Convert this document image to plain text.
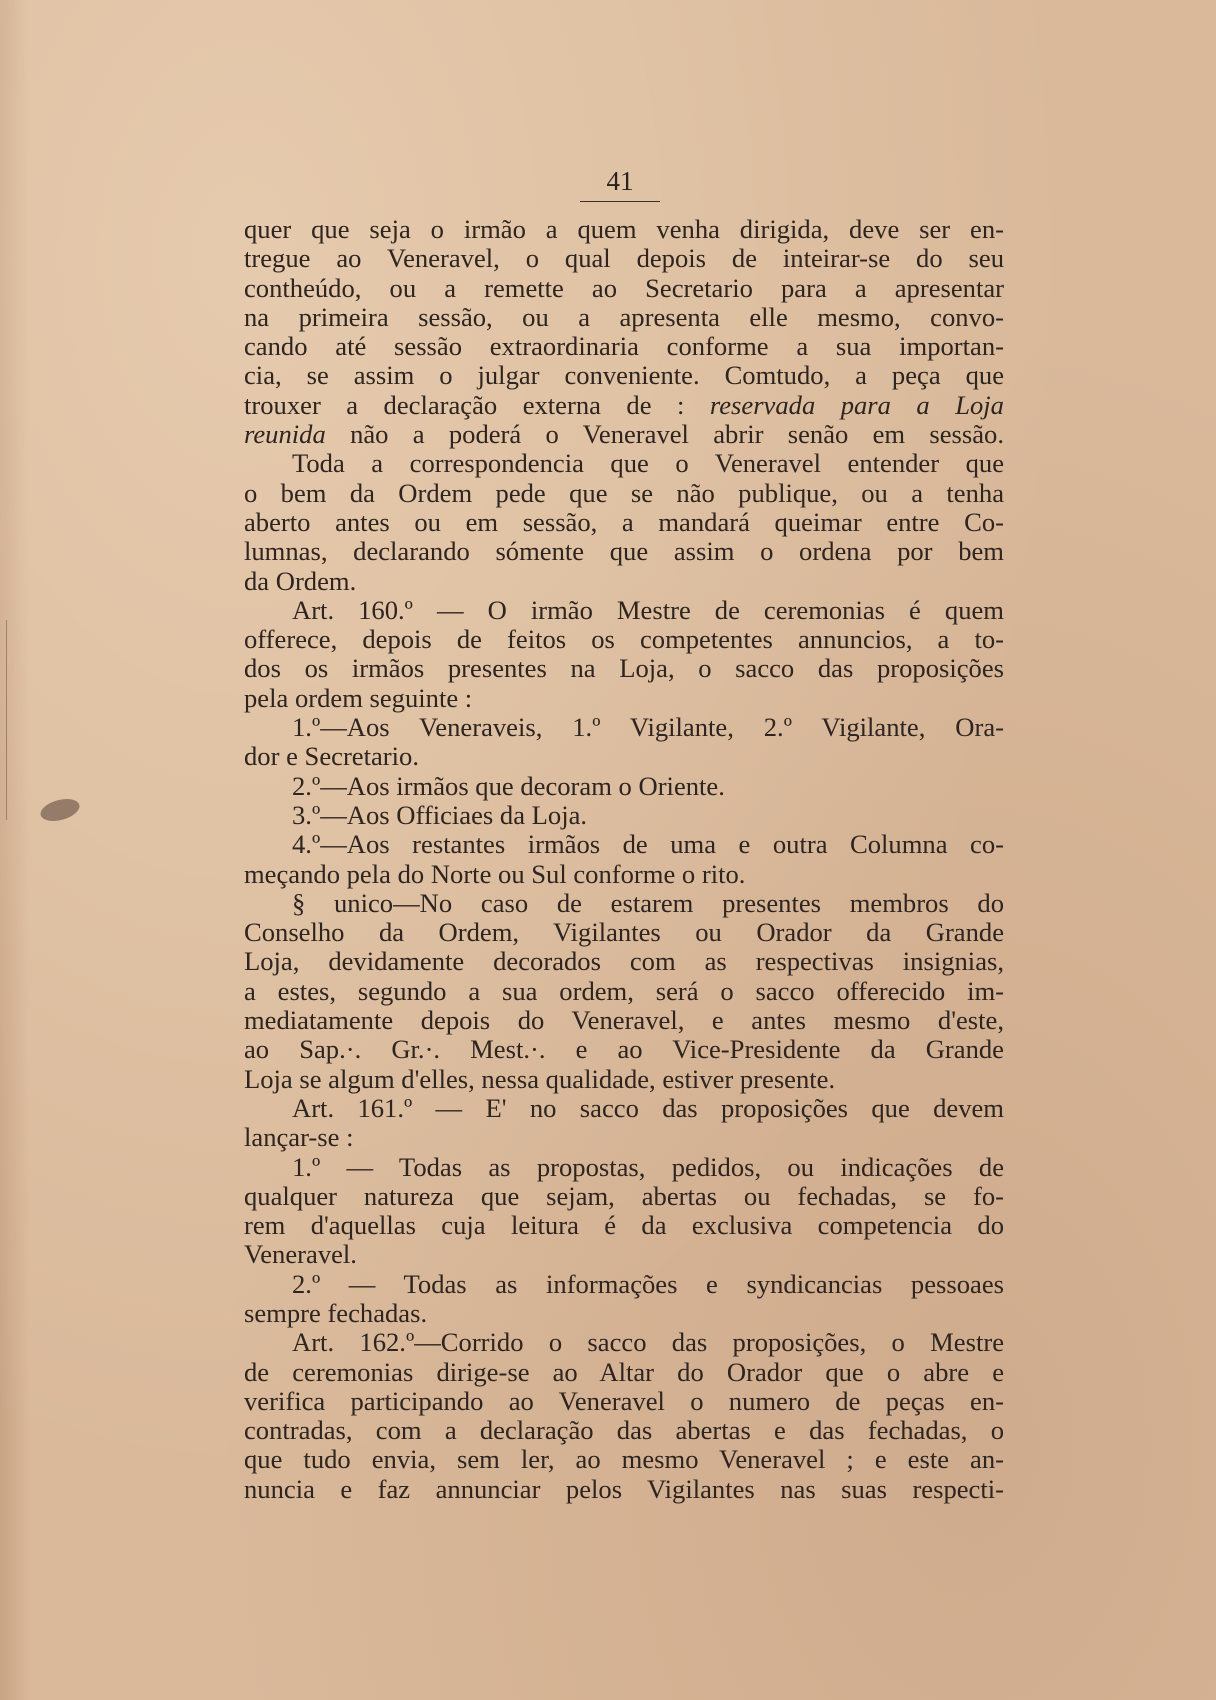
41
quer que seja o irmão a quem venha dirigida, deve ser en-
tregue ao Veneravel, o qual depois de inteirar-se do seu
contheúdo, ou a remette ao Secretario para a apresentar
na primeira sessão, ou a apresenta elle mesmo, convo-
cando até sessão extraordinaria conforme a sua importan-
cia, se assim o julgar conveniente. Comtudo, a peça que
trouxer a declaração externa de : reservada para a Loja
reunida não a poderá o Veneravel abrir senão em sessão.
Toda a correspondencia que o Veneravel entender que
o bem da Ordem pede que se não publique, ou a tenha
aberto antes ou em sessão, a mandará queimar entre Co-
lumnas, declarando sómente que assim o ordena por bem
da Ordem.
Art. 160.º — O irmão Mestre de ceremonias é quem
offerece, depois de feitos os competentes annuncios, a to-
dos os irmãos presentes na Loja, o sacco das proposições
pela ordem seguinte :
1.º—Aos Veneraveis, 1.º Vigilante, 2.º Vigilante, Ora-
dor e Secretario.
2.º—Aos irmãos que decoram o Oriente.
3.º—Aos Officiaes da Loja.
4.º—Aos restantes irmãos de uma e outra Columna co-
meçando pela do Norte ou Sul conforme o rito.
§ unico—No caso de estarem presentes membros do
Conselho da Ordem, Vigilantes ou Orador da Grande
Loja, devidamente decorados com as respectivas insignias,
a estes, segundo a sua ordem, será o sacco offerecido im-
mediatamente depois do Veneravel, e antes mesmo d'este,
ao Sap.·. Gr.·. Mest.·. e ao Vice-Presidente da Grande
Loja se algum d'elles, nessa qualidade, estiver presente.
Art. 161.º — E' no sacco das proposições que devem
lançar-se :
1.º — Todas as propostas, pedidos, ou indicações de
qualquer natureza que sejam, abertas ou fechadas, se fo-
rem d'aquellas cuja leitura é da exclusiva competencia do
Veneravel.
2.º — Todas as informações e syndicancias pessoaes
sempre fechadas.
Art. 162.º—Corrido o sacco das proposições, o Mestre
de ceremonias dirige-se ao Altar do Orador que o abre e
verifica participando ao Veneravel o numero de peças en-
contradas, com a declaração das abertas e das fechadas, o
que tudo envia, sem ler, ao mesmo Veneravel ; e este an-
nuncia e faz annunciar pelos Vigilantes nas suas respecti-
